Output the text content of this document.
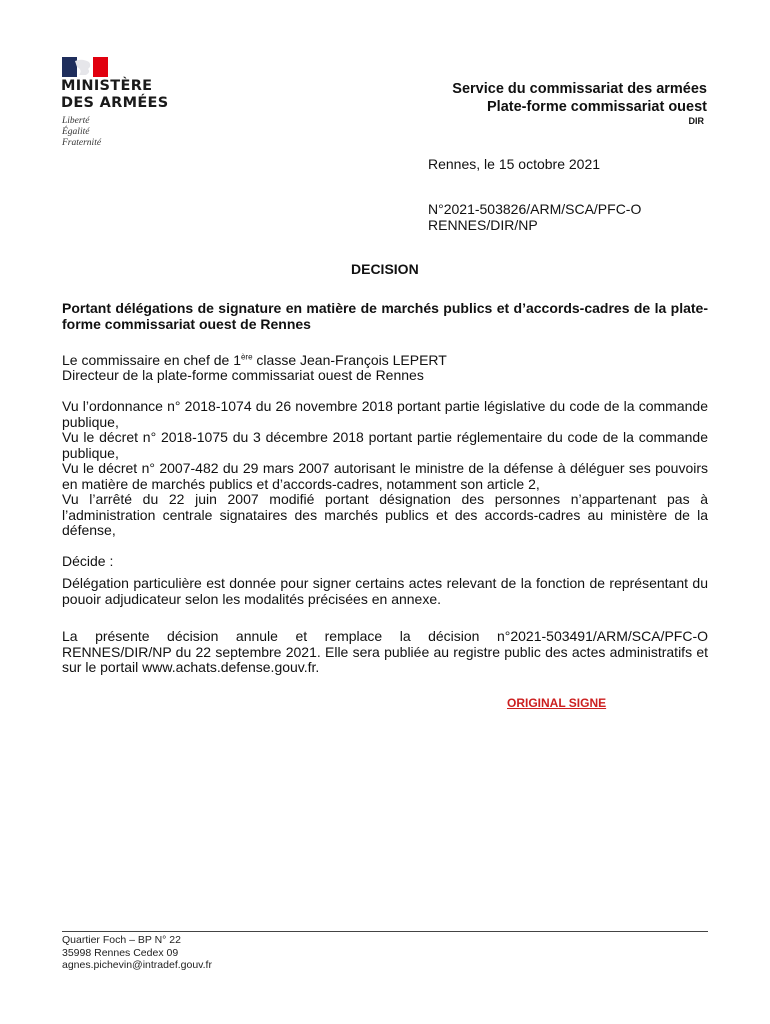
MINISTÈRE
DES ARMÉES
Liberté
Égalité
Fraternité
Service du commissariat des armées
Plate-forme commissariat ouest
DIR
Rennes, le 15 octobre 2021
N°2021-503826/ARM/SCA/PFC-O
RENNES/DIR/NP
DECISION
Portant délégations de signature en matière de marchés publics et d’accords-cadres de la plate-forme commissariat ouest de Rennes
Le commissaire en chef de 1ère classe Jean-François LEPERT
Directeur de la plate-forme commissariat ouest de Rennes
Vu l’ordonnance n° 2018-1074 du 26 novembre 2018 portant partie législative du code de la commande publique,
Vu le décret n° 2018-1075 du 3 décembre 2018 portant partie réglementaire du code de la commande publique,
Vu le décret n° 2007-482 du 29 mars 2007 autorisant le ministre de la défense à déléguer ses pouvoirs en matière de marchés publics et d’accords-cadres, notamment son article 2,
Vu l’arrêté du 22 juin 2007 modifié portant désignation des personnes n’appartenant pas à l’administration centrale signataires des marchés publics et des accords-cadres au ministère de la défense,
Décide :
Délégation particulière est donnée pour signer certains actes relevant de la fonction de représentant du pouoir adjudicateur selon les modalités précisées en annexe.
La présente décision annule et remplace la décision n°2021-503491/ARM/SCA/PFC-O RENNES/DIR/NP du 22 septembre 2021. Elle sera publiée au registre public des actes administratifs et sur le portail www.achats.defense.gouv.fr.
ORIGINAL SIGNE
Quartier Foch – BP N° 22
35998 Rennes Cedex 09
agnes.pichevin@intradef.gouv.fr
